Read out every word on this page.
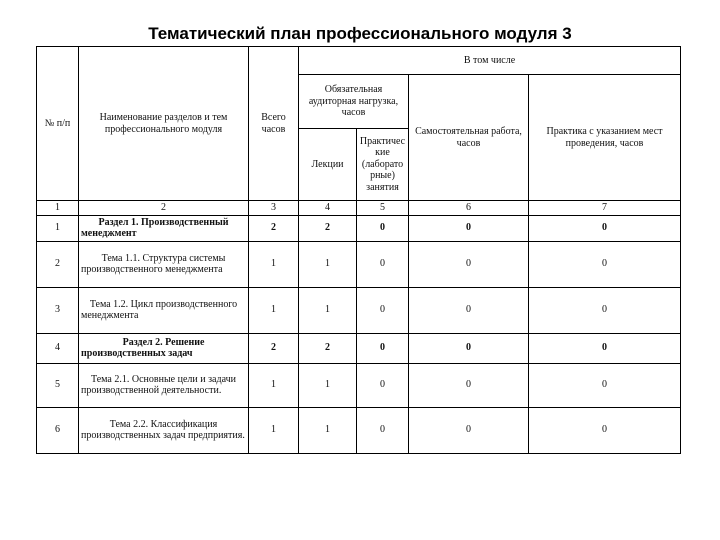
Тематический план профессионального модуля 3
№ п/п	Наименование разделов и тем профессионального модуля	Всего часов	В том числе			
			Обязательная аудиторная нагрузка, часов		Самостоятельная работа, часов	Практика с указанием мест проведения, часов
			Лекции	Практичес кие (лаборато рные) занятия		
1	2	3	4	5	6	7
1	Раздел 1. Производственный менеджмент	2	2	0	0	0
2	Тема 1.1. Структура системы производственного менеджмента	1	1	0	0	0
3	Тема 1.2. Цикл производственного менеджмента	1	1	0	0	0
4	Раздел 2. Решение производственных задач	2	2	0	0	0
5	Тема 2.1. Основные цели и задачи производственной деятельности.	1	1	0	0	0
6	Тема 2.2. Классификация производственных задач предприятия.	1	1	0	0	0
